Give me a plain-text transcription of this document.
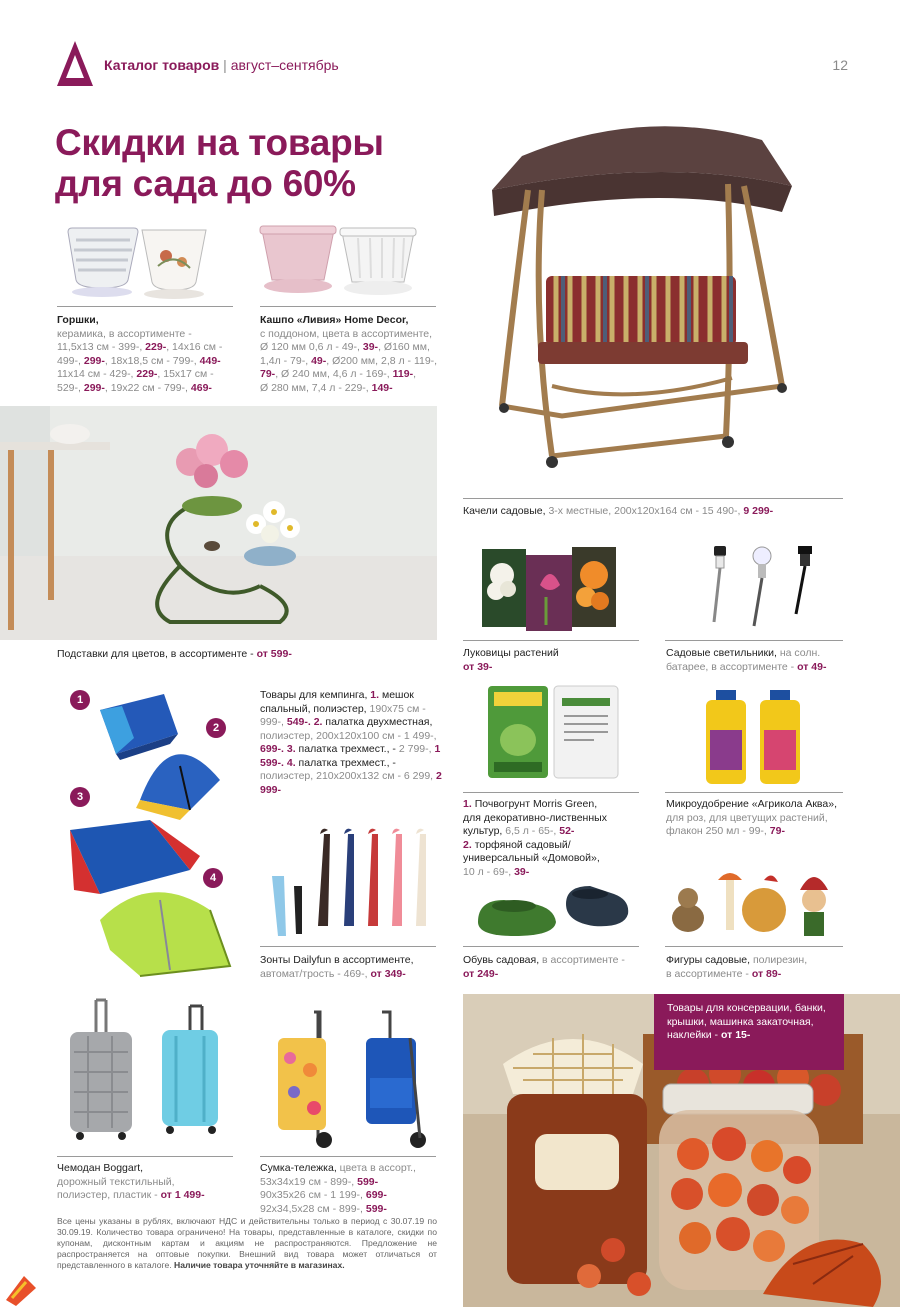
Каталог товаров | август–сентябрь	12
Скидки на товары
для сада до 60%
Горшки,
керамика, в ассортименте -
11,5x13 см - 399-, 229-, 14x16 см -
499-, 299-, 18x18,5 см - 799-, 449-
11x14 см - 429-, 229-, 15x17 см -
529-, 299-, 19x22 см - 799-, 469-
Кашпо «Ливия» Home Decor,
с поддоном, цвета в ассортименте,
Ø 120 мм 0,6 л - 49-, 39-, Ø160 мм,
1,4л - 79-, 49-, Ø200 мм, 2,8 л - 119-,
79-, Ø 240 мм, 4,6 л - 169-, 119-,
Ø 280 мм, 7,4 л - 229-, 149-
Качели садовые, 3-х местные, 200х120х164 см - 15 490-, 9 299-
Подставки для цветов, в ассортименте - от 599-	Луковицы растений
от 39-
Садовые светильники, на солн.
батарее, в ассортименте - от 49-
1
2
3
4
Товары для кемпинга, 1. мешок спальный, полиэстер, 190x75 см - 999-, 549-. 2. палатка двухместная, полиэстер, 200x120x100 см - 1 499-, 699-. 3. палатка трехмест., - 2 799-, 1 599-. 4. палатка трехмест., - полиэстер, 210x200x132 см - 6 299, 2 999-
1. Почвогрунт Morris Green,
для декоративно-лиственных
культур, 6,5 л - 65-, 52-
2. торфяной садовый/
универсальный «Домовой»,
10 л - 69-, 39-
Микроудобрение «Агрикола Аква»,
для роз, для цветущих растений,
флакон 250 мл - 99-, 79-
Зонты Dailyfun в ассортименте,
автомат/трость - 469-, от 349-
Обувь садовая, в ассортименте -
от 249-
Фигуры садовые, полирезин,
в ассортименте - от 89-
Чемодан Boggart,
дорожный текстильный,
полиэстер, пластик - от 1 499-
Сумка-тележка, цвета в ассорт.,
53x34x19 см - 899-, 599-
90x35x26 см - 1 199-, 699-
92x34,5x28 см - 899-, 599-
Товары для консервации, банки,
крышки, машинка закаточная,
наклейки - от 15-
Все цены указаны в рублях, включают НДС и действительны только в период с 30.07.19 по 30.09.19. Количество товара ограничено! На товары, представленные в каталоге, скидки по купонам, дисконтным картам и акциям не распространяются. Предложение не распространяется на оптовые покупки. Внешний вид товара может отличаться от представленного в каталоге. Наличие товара уточняйте в магазинах.
